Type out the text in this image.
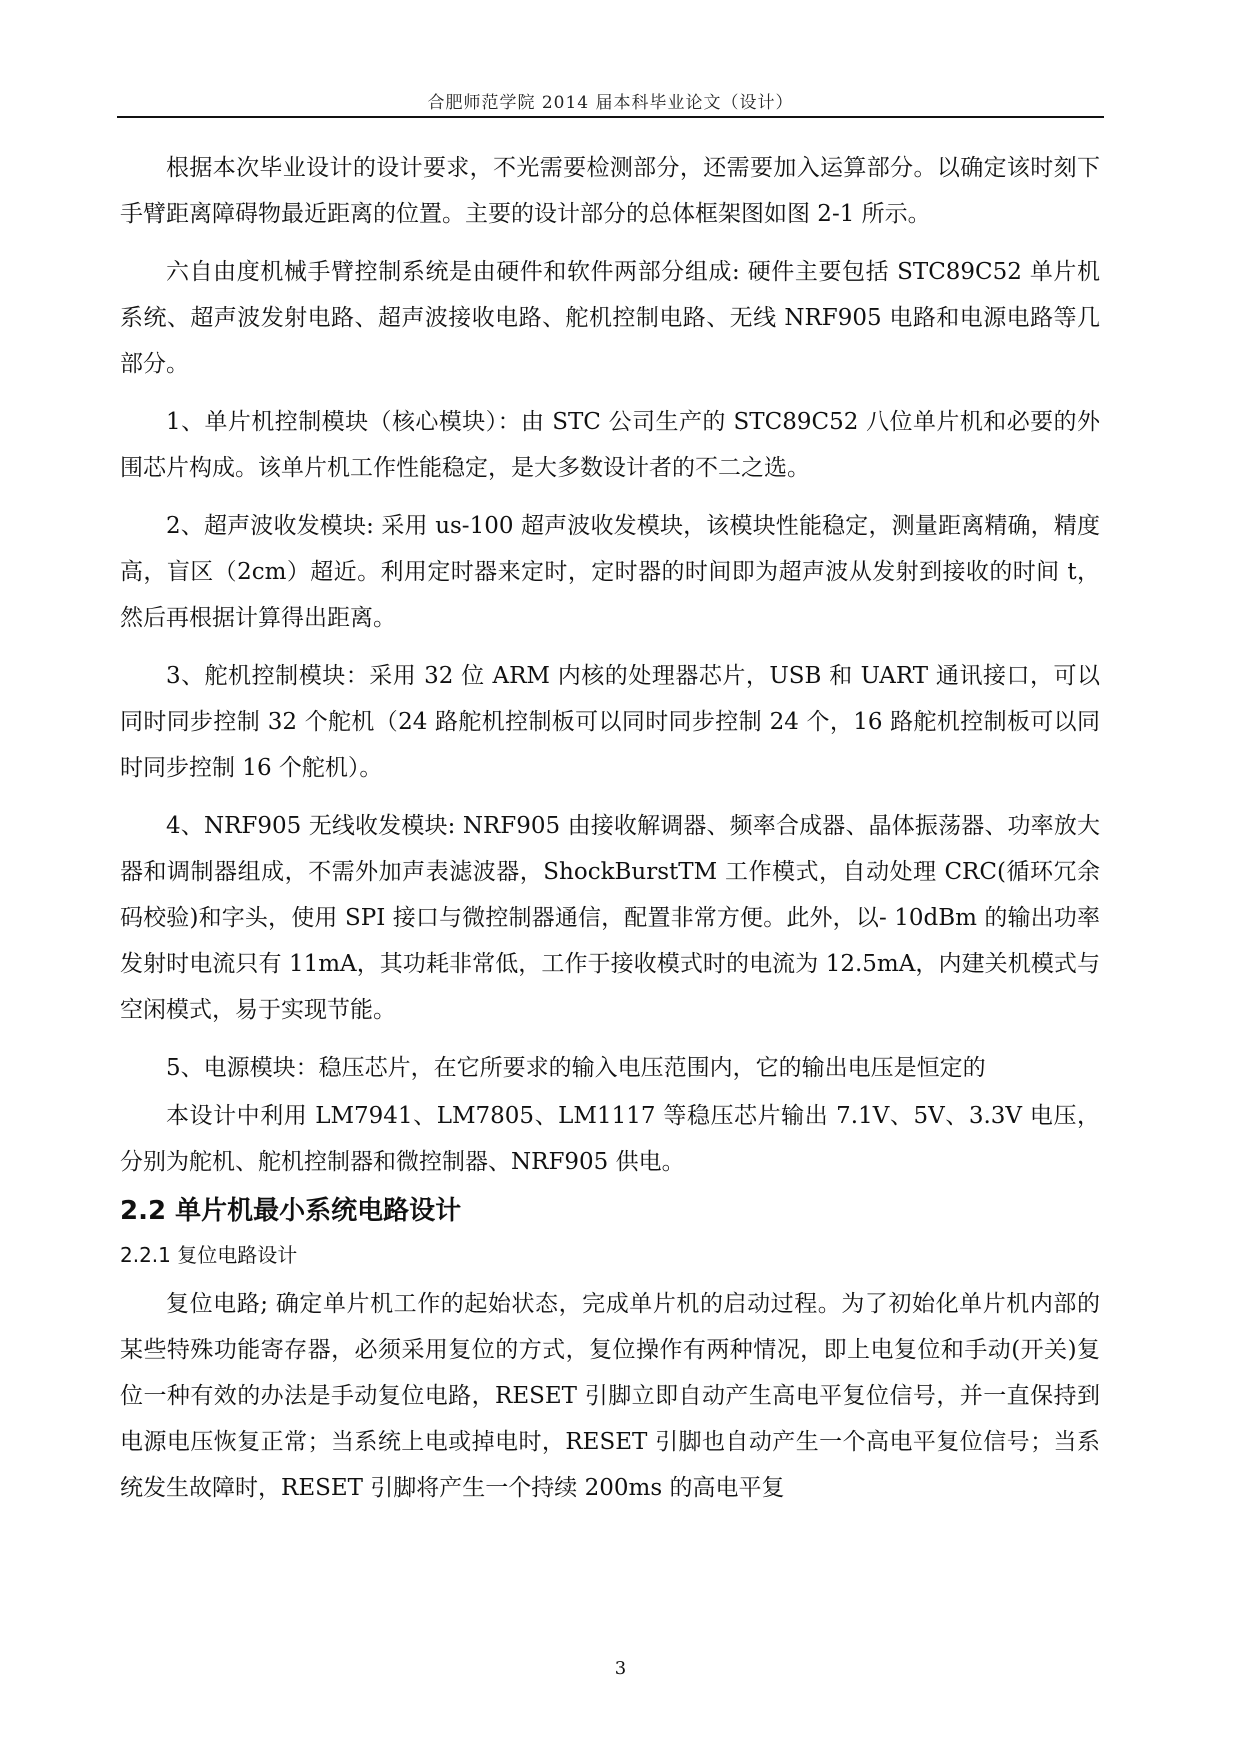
合肥师范学院 2014 届本科毕业论文（设计）

根据本次毕业设计的设计要求，不光需要检测部分，还需要加入运算部分。以确定该时刻下手臂距离障碍物最近距离的位置。主要的设计部分的总体框架图如图 2-1 所示。

六自由度机械手臂控制系统是由硬件和软件两部分组成: 硬件主要包括 STC89C52 单片机系统、超声波发射电路、超声波接收电路、舵机控制电路、无线 NRF905 电路和电源电路等几部分。

1、单片机控制模块（核心模块）：由 STC 公司生产的 STC89C52 八位单片机和必要的外围芯片构成。该单片机工作性能稳定，是大多数设计者的不二之选。

2、超声波收发模块: 采用 us-100 超声波收发模块，该模块性能稳定，测量距离精确，精度高，盲区（2cm）超近。利用定时器来定时，定时器的时间即为超声波从发射到接收的时间 t，然后再根据计算得出距离。

3、舵机控制模块：采用 32 位 ARM 内核的处理器芯片，USB 和 UART 通讯接口，可以同时同步控制 32 个舵机（24 路舵机控制板可以同时同步控制 24 个，16 路舵机控制板可以同时同步控制 16 个舵机）。

4、NRF905 无线收发模块: NRF905 由接收解调器、频率合成器、晶体振荡器、功率放大器和调制器组成，不需外加声表滤波器，ShockBurstTM 工作模式，自动处理 CRC(循环冗余码校验)和字头，使用 SPI 接口与微控制器通信，配置非常方便。此外，以- 10dBm 的输出功率发射时电流只有 11mA，其功耗非常低，工作于接收模式时的电流为 12.5mA，内建关机模式与空闲模式，易于实现节能。

5、电源模块：稳压芯片，在它所要求的输入电压范围内，它的输出电压是恒定的

本设计中利用 LM7941、LM7805、LM1117 等稳压芯片输出 7.1V、5V、3.3V 电压，分别为舵机、舵机控制器和微控制器、NRF905 供电。

2.2 单片机最小系统电路设计
2.2.1 复位电路设计

复位电路; 确定单片机工作的起始状态，完成单片机的启动过程。为了初始化单片机内部的某些特殊功能寄存器，必须采用复位的方式，复位操作有两种情况，即上电复位和手动(开关)复位一种有效的办法是手动复位电路，RESET 引脚立即自动产生高电平复位信号，并一直保持到电源电压恢复正常；当系统上电或掉电时，RESET 引脚也自动产生一个高电平复位信号；当系统发生故障时，RESET 引脚将产生一个持续 200ms 的高电平复

3
